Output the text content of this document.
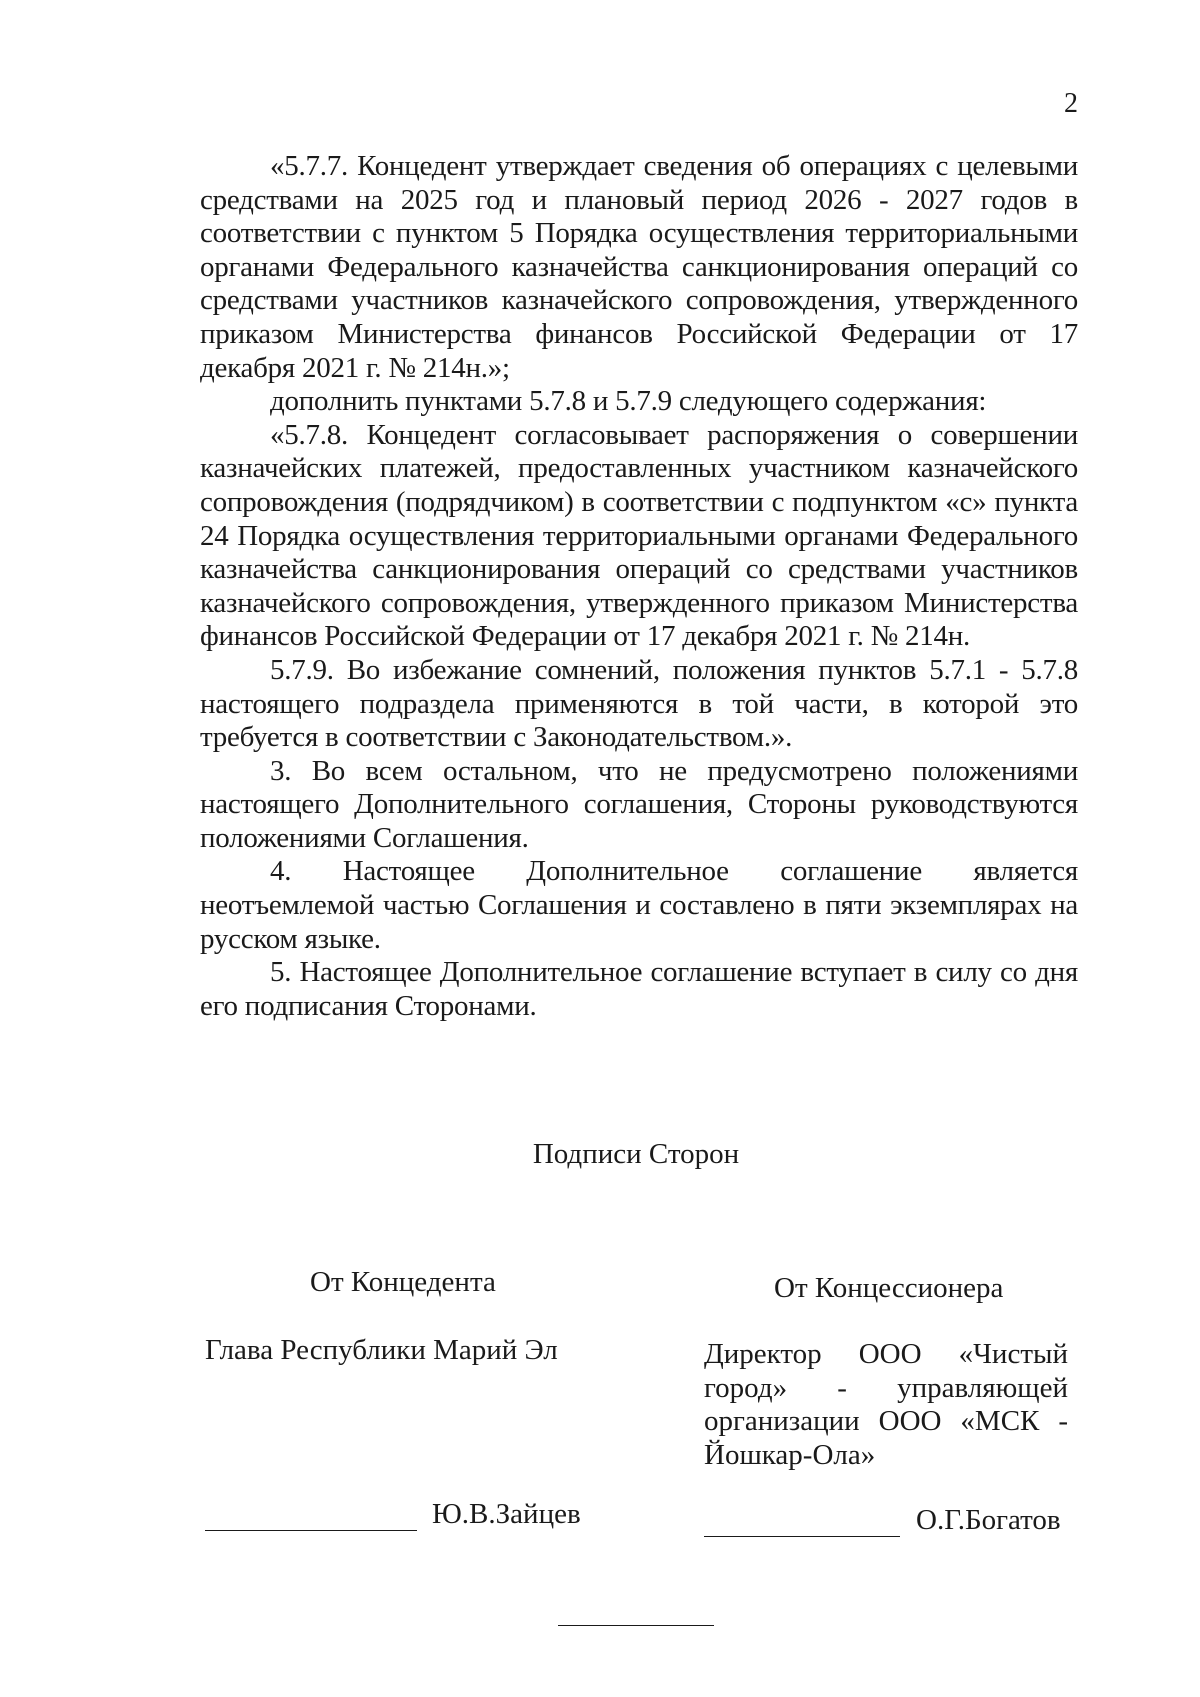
2

«5.7.7. Концедент утверждает сведения об операциях с целевыми средствами на 2025 год и плановый период 2026 - 2027 годов в соответствии с пунктом 5 Порядка осуществления территориальными органами Федерального казначейства санкционирования операций со средствами участников казначейского сопровождения, утвержденного приказом Министерства финансов Российской Федерации от 17 декабря 2021 г. № 214н.»;

дополнить пунктами 5.7.8 и 5.7.9 следующего содержания:

«5.7.8. Концедент согласовывает распоряжения о совершении казначейских платежей, предоставленных участником казначейского сопровождения (подрядчиком) в соответствии с подпунктом «c» пункта 24 Порядка осуществления территориальными органами Федерального казначейства санкционирования операций со средствами участников казначейского сопровождения, утвержденного приказом Министерства финансов Российской Федерации от 17 декабря 2021 г. № 214н.

5.7.9. Во избежание сомнений, положения пунктов 5.7.1 - 5.7.8 настоящего подраздела применяются в той части, в которой это требуется в соответствии с Законодательством.».

3. Во всем остальном, что не предусмотрено положениями настоящего Дополнительного соглашения, Стороны руководствуются положениями Соглашения.

4. Настоящее Дополнительное соглашение является неотъемлемой частью Соглашения и составлено в пяти экземплярах на русском языке.

5. Настоящее Дополнительное соглашение вступает в силу со дня его подписания Сторонами.

Подписи Сторон
От Концедента	От Концессионера
Глава Республики Марий Эл	Директор ООО «Чистый город» - управляющей организации ООО «МСК - Йошкар-Ола»
Ю.В.Зайцев	О.Г.Богатов
